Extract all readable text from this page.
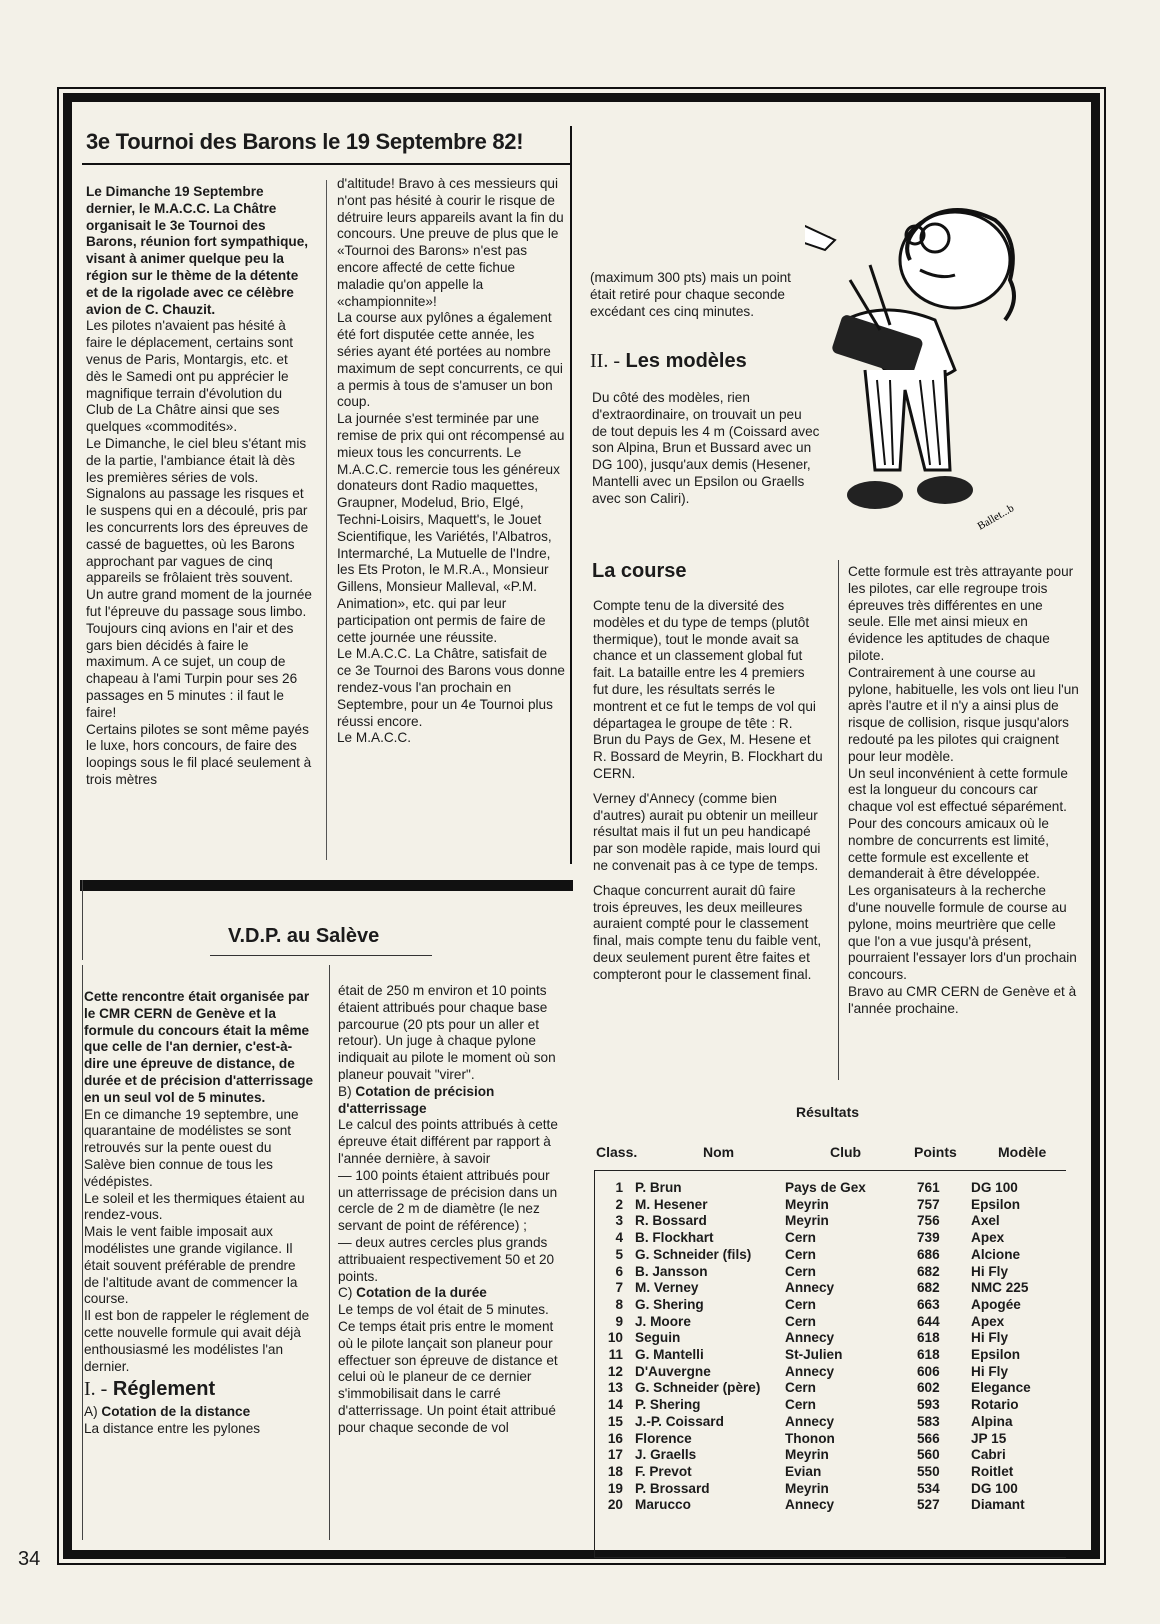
Ballet...b
3e Tournoi des Barons le 19 Septembre 82!

Le Dimanche 19 Septembre dernier, le M.A.C.C. La Châtre organisait le 3e Tournoi des Barons, réunion fort sympathique, visant à animer quelque peu la région sur le thème de la détente et de la rigolade avec ce célèbre avion de C. Chauzit.

Les pilotes n'avaient pas hésité à faire le déplacement, certains sont venus de Paris, Montargis, etc. et dès le Samedi ont pu apprécier le magnifique terrain d'évolution du Club de La Châtre ainsi que ses quelques «commodités».

Le Dimanche, le ciel bleu s'étant mis de la partie, l'ambiance était là dès les premières séries de vols.

Signalons au passage les risques et le suspens qui en a découlé, pris par les concurrents lors des épreuves de cassé de baguettes, où les Barons approchant par vagues de cinq appareils se frôlaient très souvent. Un autre grand moment de la journée fut l'épreuve du passage sous limbo. Toujours cinq avions en l'air et des gars bien décidés à faire le maximum. A ce sujet, un coup de chapeau à l'ami Turpin pour ses 26 passages en 5 minutes : il faut le faire!

Certains pilotes se sont même payés le luxe, hors concours, de faire des loopings sous le fil placé seulement à trois mètres

d'altitude! Bravo à ces messieurs qui n'ont pas hésité à courir le risque de détruire leurs appareils avant la fin du concours. Une preuve de plus que le «Tournoi des Barons» n'est pas encore affecté de cette fichue maladie qu'on appelle la «championnite»!

La course aux pylônes a également été fort disputée cette année, les séries ayant été portées au nombre maximum de sept concurrents, ce qui a permis à tous de s'amuser un bon coup.

La journée s'est terminée par une remise de prix qui ont récompensé au mieux tous les concurrents. Le M.A.C.C. remercie tous les généreux donateurs dont Radio maquettes, Graupner, Modelud, Brio, Elgé, Techni-Loisirs, Maquett's, le Jouet Scientifique, les Variétés, l'Albatros, Intermarché, La Mutuelle de l'Indre, les Ets Proton, le M.R.A., Monsieur Gillens, Monsieur Malleval, «P.M. Animation», etc. qui par leur participation ont permis de faire de cette journée une réussite.

Le M.A.C.C. La Châtre, satisfait de ce 3e Tournoi des Barons vous donne rendez-vous l'an prochain en Septembre, pour un 4e Tournoi plus réussi encore.

Le M.A.C.C.

V.D.P. au Salève

Cette rencontre était organisée par le CMR CERN de Genève et la formule du concours était la même que celle de l'an dernier, c'est-à-dire une épreuve de distance, de durée et de précision d'atterrissage en un seul vol de 5 minutes.

En ce dimanche 19 septembre, une quarantaine de modélistes se sont retrouvés sur la pente ouest du Salève bien connue de tous les védépistes.

Le soleil et les thermiques étaient au rendez-vous.

Mais le vent faible imposait aux modélistes une grande vigilance. Il était souvent préférable de prendre de l'altitude avant de commencer la course.

Il est bon de rappeler le réglement de cette nouvelle formule qui avait déjà enthousiasmé les modélistes l'an dernier.

I. - Réglement

A) Cotation de la distance

La distance entre les pylones

était de 250 m environ et 10 points étaient attribués pour chaque base parcourue (20 pts pour un aller et retour). Un juge à chaque pylone indiquait au pilote le moment où son planeur pouvait "virer".

B) Cotation de précision d'atterrissage

Le calcul des points attribués à cette épreuve était différent par rapport à l'année dernière, à savoir

— 100 points étaient attribués pour un atterrissage de précision dans un cercle de 2 m de diamètre (le nez servant de point de référence) ;

— deux autres cercles plus grands attribuaient respectivement 50 et 20 points.

C) Cotation de la durée

Le temps de vol était de 5 minutes. Ce temps était pris entre le moment où le pilote lançait son planeur pour effectuer son épreuve de distance et celui où le planeur de ce dernier s'immobilisait dans le carré d'atterrissage. Un point était attribué pour chaque seconde de vol

(maximum 300 pts) mais un point était retiré pour chaque seconde excédant ces cinq minutes.

II. - Les modèles

Du côté des modèles, rien d'extraordinaire, on trouvait un peu de tout depuis les 4 m (Coissard avec son Alpina, Brun et Bussard avec un DG 100), jusqu'aux demis (Hesener, Mantelli avec un Epsilon ou Graells avec son Caliri).

La course

Compte tenu de la diversité des modèles et du type de temps (plutôt thermique), tout le monde avait sa chance et un classement global fut fait. La bataille entre les 4 premiers fut dure, les résultats serrés le montrent et ce fut le temps de vol qui départagea le groupe de tête : R. Brun du Pays de Gex, M. Hesene et R. Bossard de Meyrin, B. Flockhart du CERN.

Verney d'Annecy (comme bien d'autres) aurait pu obtenir un meilleur résultat mais il fut un peu handicapé par son modèle rapide, mais lourd qui ne convenait pas à ce type de temps.

Chaque concurrent aurait dû faire trois épreuves, les deux meilleures auraient compté pour le classement final, mais compte tenu du faible vent, deux seulement purent être faites et compteront pour le classement final.

Cette formule est très attrayante pour les pilotes, car elle regroupe trois épreuves très différentes en une seule. Elle met ainsi mieux en évidence les aptitudes de chaque pilote.

Contrairement à une course au pylone, habituelle, les vols ont lieu l'un après l'autre et il n'y a ainsi plus de risque de collision, risque jusqu'alors redouté pa les pilotes qui craignent pour leur modèle.

Un seul inconvénient à cette formule est la longueur du concours car chaque vol est effectué séparément.

Pour des concours amicaux où le nombre de concurrents est limité, cette formule est excellente et demanderait à être développée.

Les organisateurs à la recherche d'une nouvelle formule de course au pylone, moins meurtrière que celle que l'on a vue jusqu'à présent, pourraient l'essayer lors d'un prochain concours.

Bravo au CMR CERN de Genève et à l'année prochaine.

Résultats
Class.	Nom	Club	Points	Modèle
1	P. Brun	Pays de Gex	761	DG 100
2	M. Hesener	Meyrin	757	Epsilon
3	R. Bossard	Meyrin	756	Axel
4	B. Flockhart	Cern	739	Apex
5	G. Schneider (fils)	Cern	686	Alcione
6	B. Jansson	Cern	682	Hi Fly
7	M. Verney	Annecy	682	NMC 225
8	G. Shering	Cern	663	Apogée
9	J. Moore	Cern	644	Apex
10	Seguin	Annecy	618	Hi Fly
11	G. Mantelli	St-Julien	618	Epsilon
12	D'Auvergne	Annecy	606	Hi Fly
13	G. Schneider (père)	Cern	602	Elegance
14	P. Shering	Cern	593	Rotario
15	J.-P. Coissard	Annecy	583	Alpina
16	Florence	Thonon	566	JP 15
17	J. Graells	Meyrin	560	Cabri
18	F. Prevot	Evian	550	Roitlet
19	P. Brossard	Meyrin	534	DG 100
20	Marucco	Annecy	527	Diamant
34
